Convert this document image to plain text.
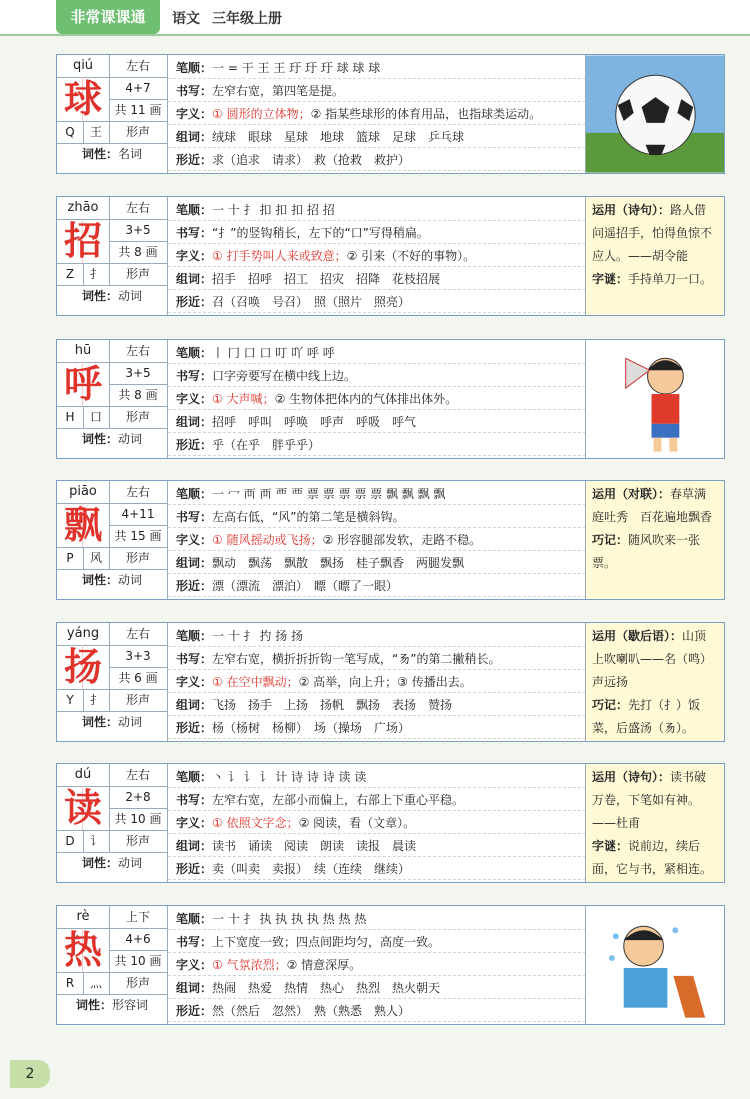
非常课课通	语文 三年级上册
qiú
球
左右
4+7
共 11 画
Q	王	形声
词性：名词
笔顺：一 = 干 王 王 玗 玗 玗 球 球 球
书写：左窄右宽，第四笔是提。
字义：① 圆形的立体物；② 指某些球形的体育用品，也指球类运动。
组词：绒球　眼球　星球　地球　篮球　足球　乒乓球
形近：求（追求　请求）　救（抢救　救护）
zhāo
招
左右
3+5
共 8 画
Z	扌	形声
词性：动词
笔顺：一 十 扌 扣 扣 扣 招 招
书写：“扌”的竖钩稍长，左下的“口”写得稍扁。
字义：① 打手势叫人来或致意；② 引来（不好的事物）。
组词：招手　招呼　招工　招灾　招降　花枝招展
形近：召（召唤　号召）　照（照片　照亮）
运用（诗句）：路人借问遥招手，怕得鱼惊不应人。——胡令能
字谜：手持单刀一口。
hū
呼
左右
3+5
共 8 画
H	口	形声
词性：动词
笔顺：丨 冂 口 口 叮 吖 呼 呼
书写：口字旁要写在横中线上边。
字义：① 大声喊；② 生物体把体内的气体排出体外。
组词：招呼　呼叫　呼唤　呼声　呼吸　呼气
形近：乎（在乎　胖乎乎）
piāo
飘
左右
4+11
共 15 画
P	风	形声
词性：动词
笔顺：一 冖 襾 襾 覀 覀 票 票 票 票 票 飘 飘 飘 飘
书写：左高右低，“风”的第二笔是横斜钩。
字义：① 随风摇动或飞扬；② 形容腿部发软，走路不稳。
组词：飘动　飘荡　飘散　飘扬　桂子飘香　两腿发飘
形近：漂（漂流　漂泊）　瞟（瞟了一眼）
运用（对联）：春草满庭吐秀　百花遍地飘香
巧记：随风吹来一张票。
yáng
扬
左右
3+3
共 6 画
Y	扌	形声
词性：动词
笔顺：一 十 扌 扚 扬 扬
书写：左窄右宽，横折折折钩一笔写成，“𠃓”的第二撇稍长。
字义：① 在空中飘动；② 高举，向上升；③ 传播出去。
组词：飞扬　扬手　上扬　扬帆　飘扬　表扬　赞扬
形近：杨（杨树　杨柳）　场（操场　广场）
运用（歇后语）：山顶上吹喇叭——名（鸣）声远扬
巧记：先打（扌）饭菜，后盛汤（𠃓）。
dú
读
左右
2+8
共 10 画
D	讠	形声
词性：动词
笔顺：丶 讠 讠 讠 计 诗 诗 诗 读 读
书写：左窄右宽，左部小而偏上，右部上下重心平稳。
字义：① 依照文字念；② 阅读，看（文章）。
组词：读书　诵读　阅读　朗读　读报　晨读
形近：卖（叫卖　卖报）　续（连续　继续）
运用（诗句）：读书破万卷，下笔如有神。——杜甫
字谜：说前边，续后面，它与书，紧相连。
rè
热
上下
4+6
共 10 画
R	灬	形声
词性：形容词
笔顺：一 十 扌 执 执 执 执 热 热 热
书写：上下宽度一致；四点间距均匀，高度一致。
字义：① 气氛浓烈；② 情意深厚。
组词：热闹　热爱　热情　热心　热烈　热火朝天
形近：然（然后　忽然）　熟（熟悉　熟人）
2
